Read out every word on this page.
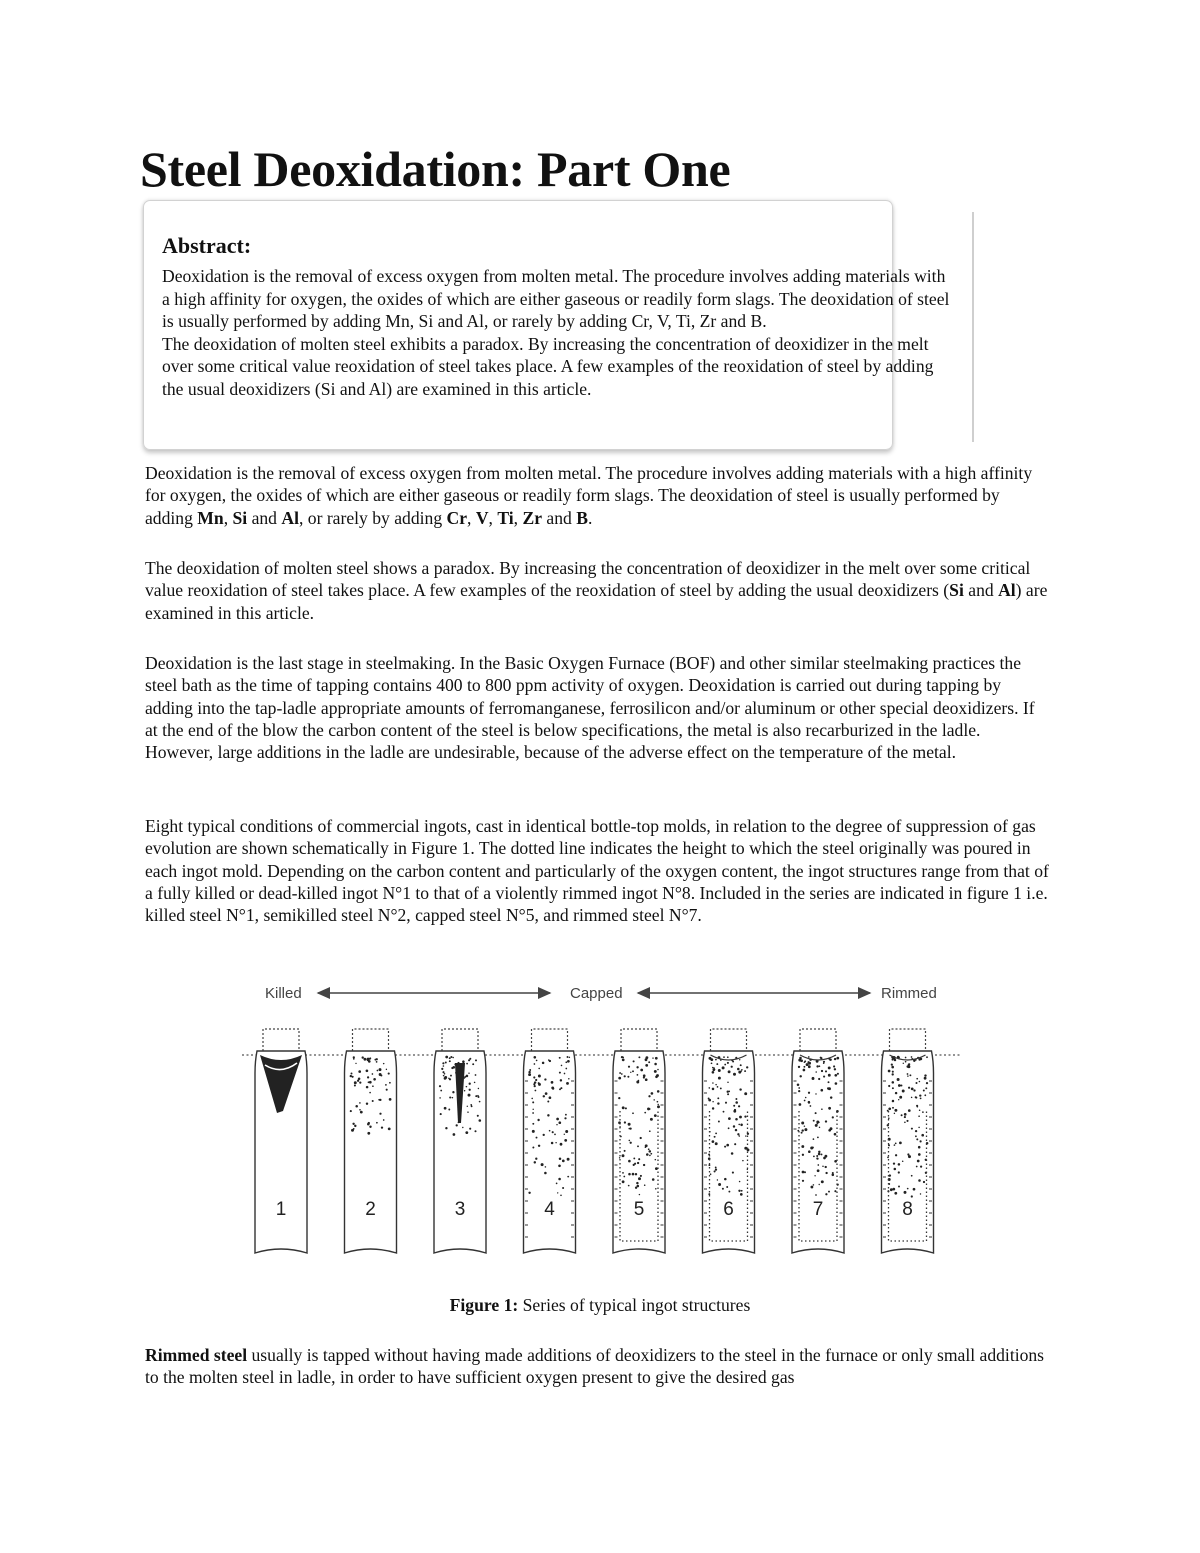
Steel Deoxidation: Part One
Abstract:

Deoxidation is the removal of excess oxygen from molten metal. The procedure involves adding materials with a high affinity for oxygen, the oxides of which are either gaseous or readily form slags. The deoxidation of steel is usually performed by adding Mn, Si and Al, or rarely by adding Cr, V, Ti, Zr and B.

The deoxidation of molten steel exhibits a paradox. By increasing the concentration of deoxidizer in the melt over some critical value reoxidation of steel takes place. A few examples of the reoxidation of steel by adding the usual deoxidizers (Si and Al) are examined in this article.

Deoxidation is the removal of excess oxygen from molten metal. The procedure involves adding materials with a high affinity for oxygen, the oxides of which are either gaseous or readily form slags. The deoxidation of steel is usually performed by adding Mn, Si and Al, or rarely by adding Cr, V, Ti, Zr and B.

The deoxidation of molten steel shows a paradox. By increasing the concentration of deoxidizer in the melt over some critical value reoxidation of steel takes place. A few examples of the reoxidation of steel by adding the usual deoxidizers (Si and Al) are examined in this article.

Deoxidation is the last stage in steelmaking. In the Basic Oxygen Furnace (BOF) and other similar steelmaking practices the steel bath as the time of tapping contains 400 to 800 ppm activity of oxygen. Deoxidation is carried out during tapping by adding into the tap-ladle appropriate amounts of ferromanganese, ferrosilicon and/or aluminum or other special deoxidizers. If at the end of the blow the carbon content of the steel is below specifications, the metal is also recarburized in the ladle. However, large additions in the ladle are undesirable, because of the adverse effect on the temperature of the metal.

Eight typical conditions of commercial ingots, cast in identical bottle-top molds, in relation to the degree of suppression of gas evolution are shown schematically in Figure 1. The dotted line indicates the height to which the steel originally was poured in each ingot mold. Depending on the carbon content and particularly of the oxygen content, the ingot structures range from that of a fully killed or dead-killed ingot N°1 to that of a violently rimmed ingot N°8. Included in the series are indicated in figure 1 i.e. killed steel N°1, semikilled steel N°2, capped steel N°5, and rimmed steel N°7.

Killed	Capped	Rimmed
1	2	3	4	5	6	7	8
Figure 1: Series of typical ingot structures

Rimmed steel usually is tapped without having made additions of deoxidizers to the steel in the furnace or only small additions to the molten steel in ladle, in order to have sufficient oxygen present to give the desired gas
